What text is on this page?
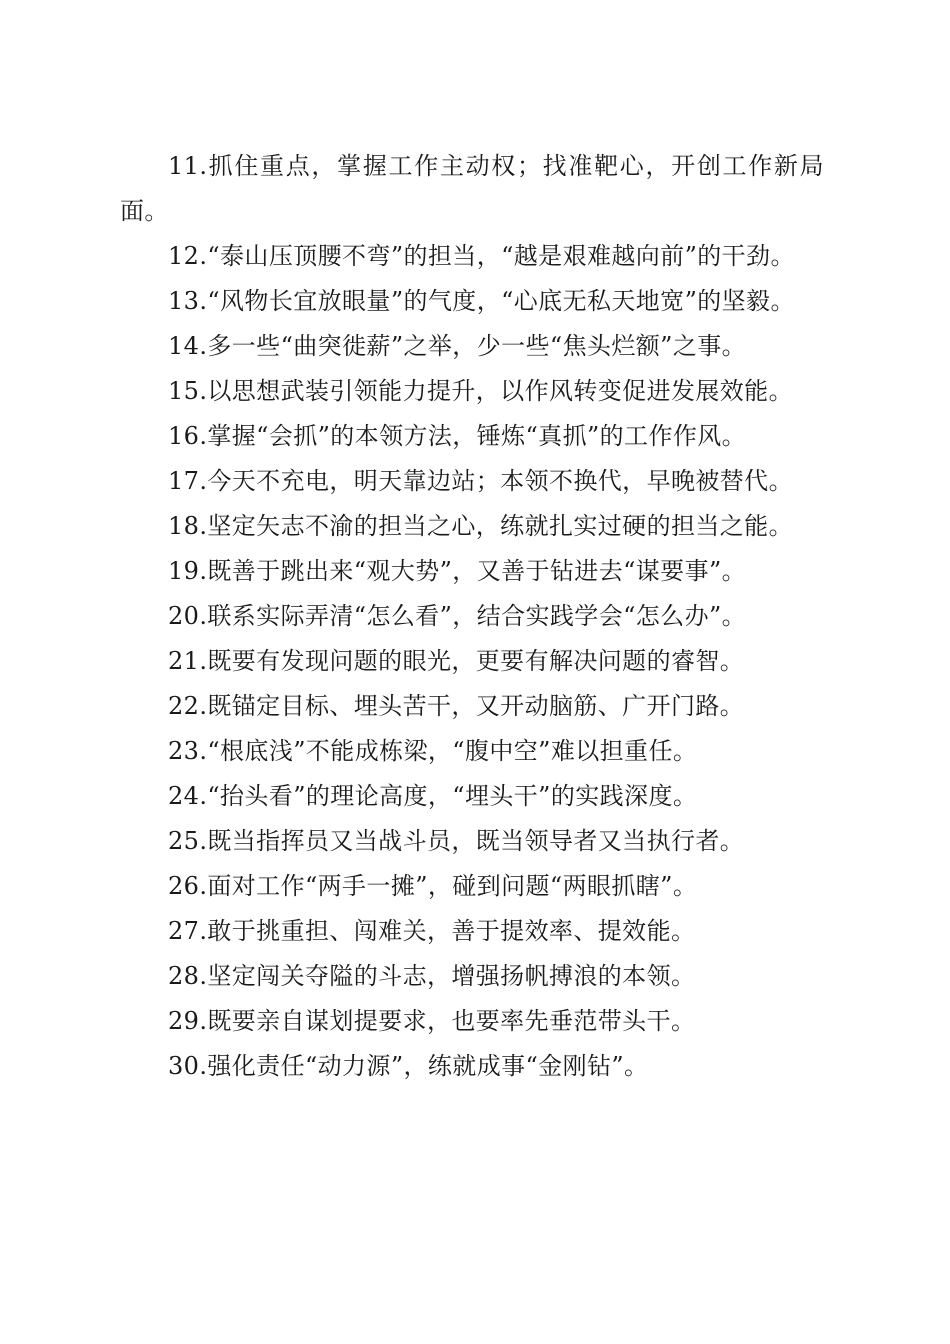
11.抓住重点，掌握工作主动权；找准靶心，开创工作新局面。

12.“泰山压顶腰不弯”的担当，“越是艰难越向前”的干劲。

13.“风物长宜放眼量”的气度，“心底无私天地宽”的坚毅。

14.多一些“曲突徙薪”之举，少一些“焦头烂额”之事。

15.以思想武装引领能力提升，以作风转变促进发展效能。

16.掌握“会抓”的本领方法，锤炼“真抓”的工作作风。

17.今天不充电，明天靠边站；本领不换代，早晚被替代。

18.坚定矢志不渝的担当之心，练就扎实过硬的担当之能。

19.既善于跳出来“观大势”，又善于钻进去“谋要事”。

20.联系实际弄清“怎么看”，结合实践学会“怎么办”。

21.既要有发现问题的眼光，更要有解决问题的睿智。

22.既锚定目标、埋头苦干，又开动脑筋、广开门路。

23.“根底浅”不能成栋梁，“腹中空”难以担重任。

24.“抬头看”的理论高度，“埋头干”的实践深度。

25.既当指挥员又当战斗员，既当领导者又当执行者。

26.面对工作“两手一摊”，碰到问题“两眼抓瞎”。

27.敢于挑重担、闯难关，善于提效率、提效能。

28.坚定闯关夺隘的斗志，增强扬帆搏浪的本领。

29.既要亲自谋划提要求，也要率先垂范带头干。

30.强化责任“动力源”，练就成事“金刚钻”。
